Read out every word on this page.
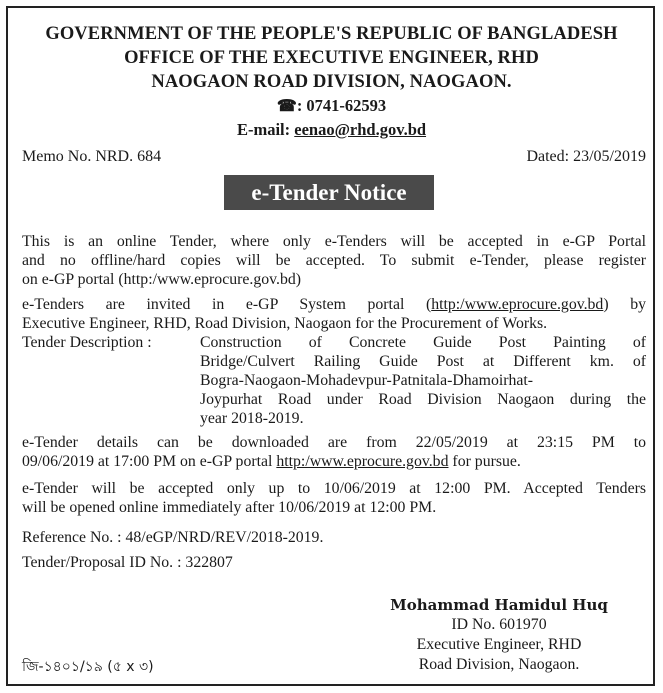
GOVERNMENT OF THE PEOPLE'S REPUBLIC OF BANGLADESH
OFFICE OF THE EXECUTIVE ENGINEER, RHD
NAOGAON ROAD DIVISION, NAOGAON.
☎: 0741-62593
E-mail: eenao@rhd.gov.bd
Memo No. NRD. 684	Dated: 23/05/2019
e-Tender Notice
This is an online Tender, where only e-Tenders will be accepted in e-GP Portal
and no offline/hard copies will be accepted. To submit e-Tender, please register
on e-GP portal (http:/www.eprocure.gov.bd)
e-Tenders are invited in e-GP System portal (http:/www.eprocure.gov.bd) by
Executive Engineer, RHD, Road Division, Naogaon for the Procurement of Works.
Tender Description :	Construction of Concrete Guide Post Painting of
Bridge/Culvert Railing Guide Post at Different km. of
Bogra-Naogaon-Mohadevpur-Patnitala-Dhamoirhat-
Joypurhat Road under Road Division Naogaon during the
year 2018-2019.
e-Tender details can be downloaded are from 22/05/2019 at 23:15 PM to
09/06/2019 at 17:00 PM on e-GP portal http:/www.eprocure.gov.bd for pursue.
e-Tender will be accepted only up to 10/06/2019 at 12:00 PM. Accepted Tenders
will be opened online immediately after 10/06/2019 at 12:00 PM.
Reference No. : 48/eGP/NRD/REV/2018-2019.
Tender/Proposal ID No. : 322807
Mohammad Hamidul Huq
ID No. 601970
Executive Engineer, RHD
Road Division, Naogaon.
জি-১৪০১/১৯ (৫ x ৩)
